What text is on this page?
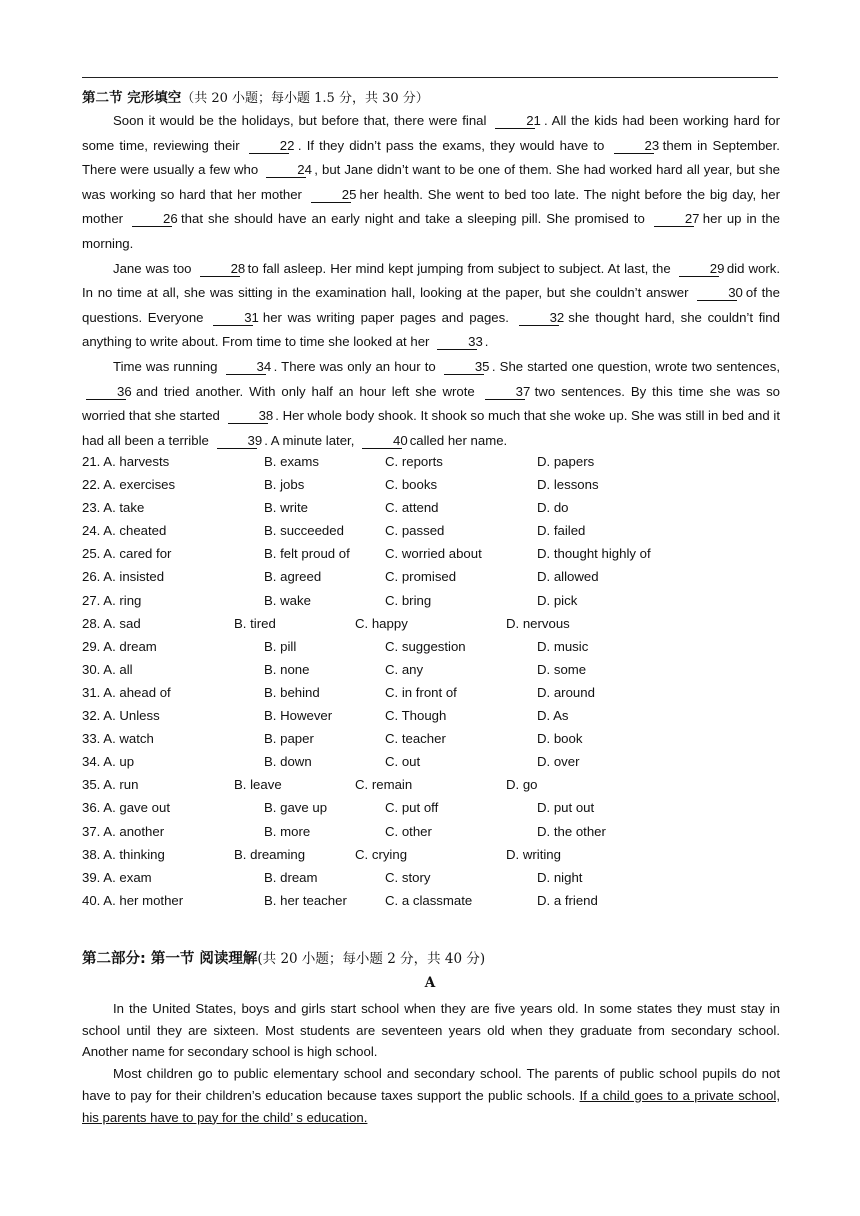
第二节 完形填空（共 20 小题；每小题 1.5 分，共 30 分）

Soon it would be the holidays, but before that, there were final	21 . All the kids had been working hard for some time, reviewing their	22 . If they didn’t pass the exams, they would have to	23 them in September. There were usually a few who	24 , but Jane didn’t want to be one of them. She had worked hard all year, but she was working so hard that her mother	25 her health. She went to bed too late. The night before the big day, her mother	26 that she should have an early night and take a sleeping pill. She promised to	27 her up in the morning.

Jane was too	28 to fall asleep. Her mind kept jumping from subject to subject. At last, the	29 did work. In no time at all, she was sitting in the examination hall, looking at the paper, but she couldn’t answer	30 of the questions. Everyone	31 her was writing paper pages and pages.	32 she thought hard, she couldn’t find anything to write about. From time to time she looked at her	33 .

Time was running	34 . There was only an hour to	35 . She started one question, wrote two sentences, 36 and tried another. With only half an hour left she wrote	37 two sentences. By this time she was so worried that she started	38 . Her whole body shook. It shook so much that she woke up. She was still in bed and it had all been a terrible	39 . A minute later,	40 called her name.

21. A. harvests	B. exams	C. reports	D. papers
22. A. exercises	B. jobs	C. books	D. lessons
23. A. take	B. write	C. attend	D. do
24. A. cheated	B. succeeded	C. passed	D. failed
25. A. cared for	B. felt proud of	C. worried about	D. thought highly of
26. A. insisted	B. agreed	C. promised	D. allowed
27. A. ring	B. wake	C. bring	D. pick
28. A. sad	B. tired	C. happy	D. nervous
29. A. dream	B. pill	C. suggestion	D. music
30. A. all	B. none	C. any	D. some
31. A. ahead of	B. behind	C. in front of	D. around
32. A. Unless	B. However	C. Though	D. As
33. A. watch	B. paper	C. teacher	D. book
34. A. up	B. down	C. out	D. over
35. A. run	B. leave	C. remain	D. go
36. A. gave out	B. gave up	C. put off	D. put out
37. A. another	B. more	C. other	D. the other
38. A. thinking	B. dreaming	C. crying	D. writing
39. A. exam	B. dream	C. story	D. night
40. A. her mother	B. her teacher	C. a classmate	D. a friend
第二部分: 第一节 阅读理解(共 20 小题；每小题 2 分，共 40 分)
A

In the United States, boys and girls start school when they are five years old. In some states they must stay in school until they are sixteen. Most students are seventeen years old when they graduate from secondary school. Another name for secondary school is high school.

Most children go to public elementary school and secondary school. The parents of public school pupils do not have to pay for their children’s education because taxes support the public schools. If a child goes to a private school, his parents have to pay for the child’ s education.
